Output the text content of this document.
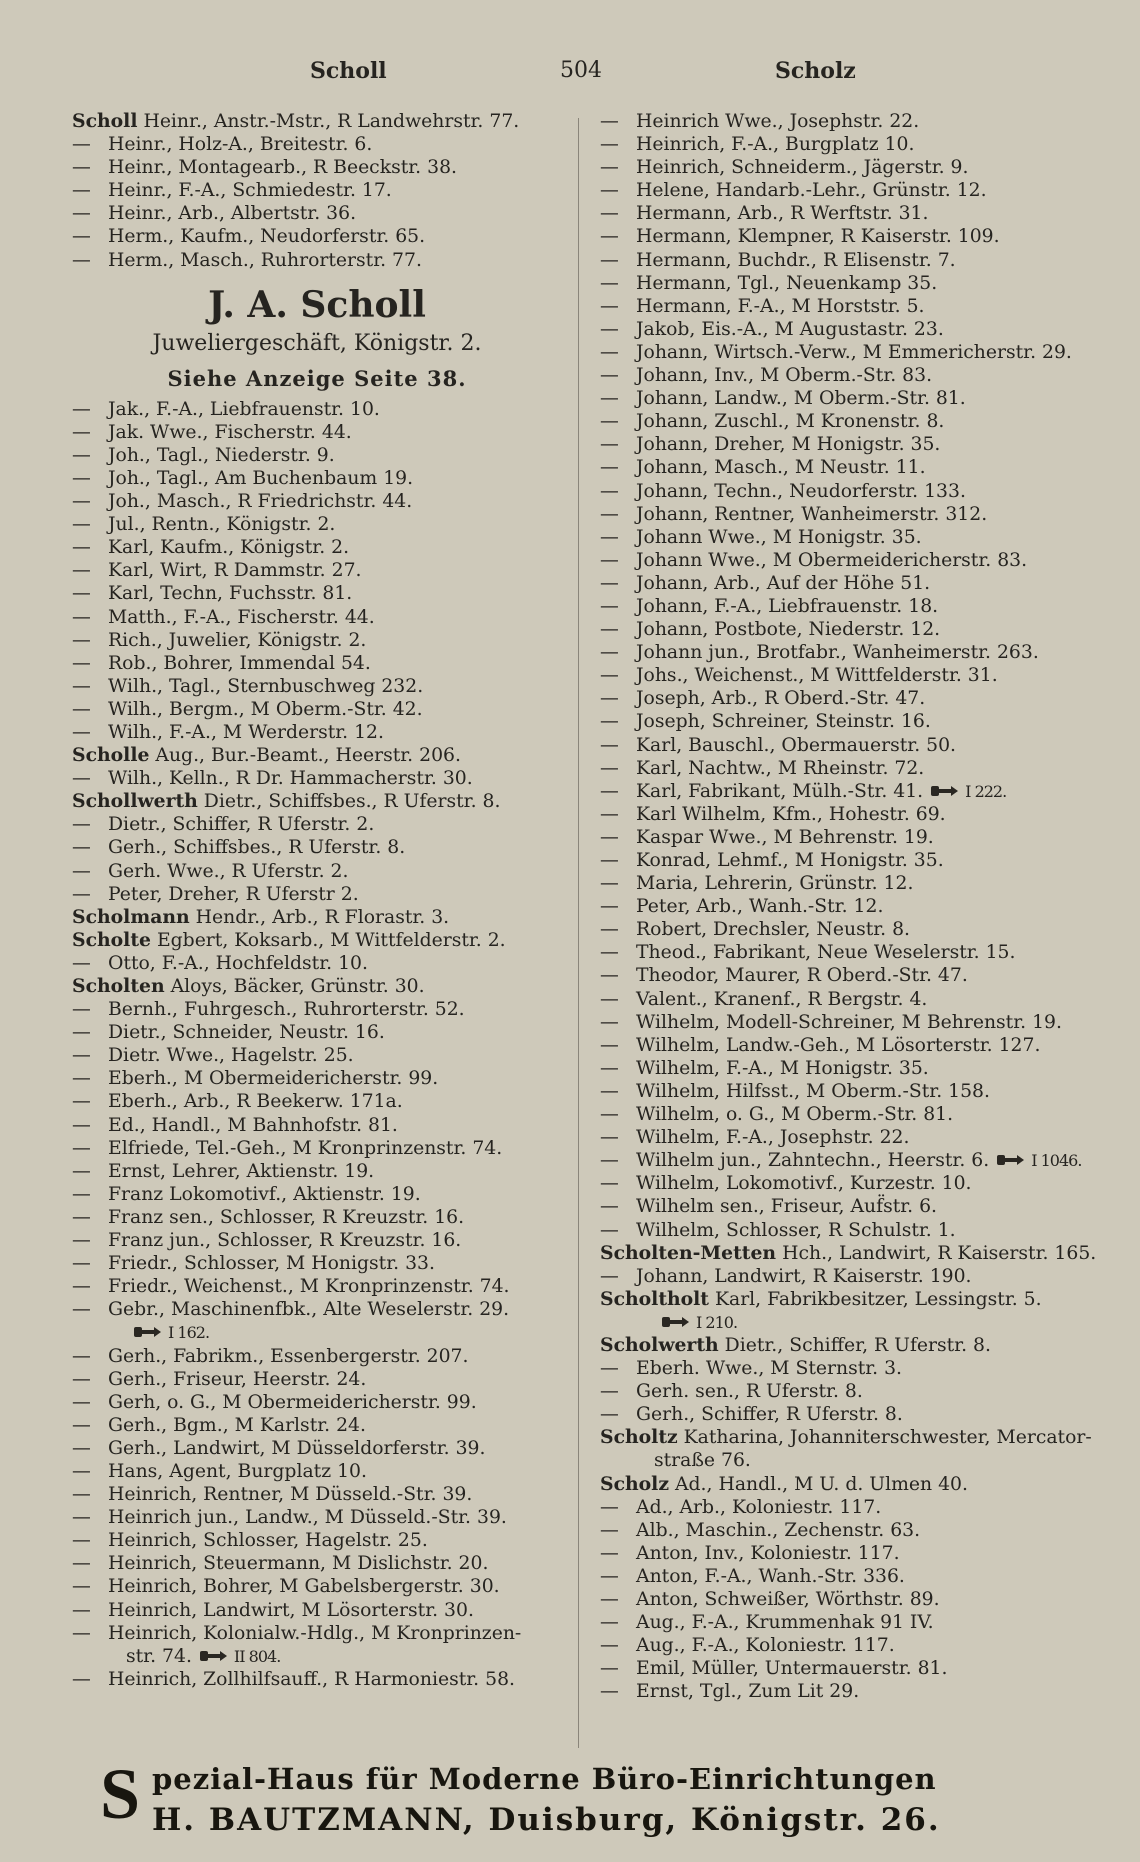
Scholl	504	Scholz
Scholl Heinr., Anstr.-Mstr., R Landwehrstr. 77.
— Heinr., Holz-A., Breitestr. 6.
— Heinr., Montagearb., R Beeckstr. 38.
— Heinr., F.-A., Schmiedestr. 17.
— Heinr., Arb., Albertstr. 36.
— Herm., Kaufm., Neudorferstr. 65.
— Herm., Masch., Ruhrorterstr. 77.
J. A. Scholl
Juweliergeschäft, Königstr. 2.
Siehe Anzeige Seite 38.
— Jak., F.-A., Liebfrauenstr. 10.
— Jak. Wwe., Fischerstr. 44.
— Joh., Tagl., Niederstr. 9.
— Joh., Tagl., Am Buchenbaum 19.
— Joh., Masch., R Friedrichstr. 44.
— Jul., Rentn., Königstr. 2.
— Karl, Kaufm., Königstr. 2.
— Karl, Wirt, R Dammstr. 27.
— Karl, Techn, Fuchsstr. 81.
— Matth., F.-A., Fischerstr. 44.
— Rich., Juwelier, Königstr. 2.
— Rob., Bohrer, Immendal 54.
— Wilh., Tagl., Sternbuschweg 232.
— Wilh., Bergm., M Oberm.-Str. 42.
— Wilh., F.-A., M Werderstr. 12.
Scholle Aug., Bur.-Beamt., Heerstr. 206.
— Wilh., Kelln., R Dr. Hammacherstr. 30.
Schollwerth Dietr., Schiffsbes., R Uferstr. 8.
— Dietr., Schiffer, R Uferstr. 2.
— Gerh., Schiffsbes., R Uferstr. 8.
— Gerh. Wwe., R Uferstr. 2.
— Peter, Dreher, R Uferstr 2.
Scholmann Hendr., Arb., R Florastr. 3.
Scholte Egbert, Koksarb., M Wittfelderstr. 2.
— Otto, F.-A., Hochfeldstr. 10.
Scholten Aloys, Bäcker, Grünstr. 30.
— Bernh., Fuhrgesch., Ruhrorterstr. 52.
— Dietr., Schneider, Neustr. 16.
— Dietr. Wwe., Hagelstr. 25.
— Eberh., M Obermeidericherstr. 99.
— Eberh., Arb., R Beekerw. 171a.
— Ed., Handl., M Bahnhofstr. 81.
— Elfriede, Tel.-Geh., M Kronprinzenstr. 74.
— Ernst, Lehrer, Aktienstr. 19.
— Franz Lokomotivf., Aktienstr. 19.
— Franz sen., Schlosser, R Kreuzstr. 16.
— Franz jun., Schlosser, R Kreuzstr. 16.
— Friedr., Schlosser, M Honigstr. 33.
— Friedr., Weichenst., M Kronprinzenstr. 74.
— Gebr., Maschinenfbk., Alte Weselerstr. 29.
I 162.
— Gerh., Fabrikm., Essenbergerstr. 207.
— Gerh., Friseur, Heerstr. 24.
— Gerh, o. G., M Obermeidericherstr. 99.
— Gerh., Bgm., M Karlstr. 24.
— Gerh., Landwirt, M Düsseldorferstr. 39.
— Hans, Agent, Burgplatz 10.
— Heinrich, Rentner, M Düsseld.-Str. 39.
— Heinrich jun., Landw., M Düsseld.-Str. 39.
— Heinrich, Schlosser, Hagelstr. 25.
— Heinrich, Steuermann, M Dislichstr. 20.
— Heinrich, Bohrer, M Gabelsbergerstr. 30.
— Heinrich, Landwirt, M Lösorterstr. 30.
— Heinrich, Kolonialw.-Hdlg., M Kronprinzen-
str. 74.	II 804.
— Heinrich, Zollhilfsauff., R Harmoniestr. 58.
— Heinrich Wwe., Josephstr. 22.
— Heinrich, F.-A., Burgplatz 10.
— Heinrich, Schneiderm., Jägerstr. 9.
— Helene, Handarb.-Lehr., Grünstr. 12.
— Hermann, Arb., R Werftstr. 31.
— Hermann, Klempner, R Kaiserstr. 109.
— Hermann, Buchdr., R Elisenstr. 7.
— Hermann, Tgl., Neuenkamp 35.
— Hermann, F.-A., M Horststr. 5.
— Jakob, Eis.-A., M Augustastr. 23.
— Johann, Wirtsch.-Verw., M Emmericherstr. 29.
— Johann, Inv., M Oberm.-Str. 83.
— Johann, Landw., M Oberm.-Str. 81.
— Johann, Zuschl., M Kronenstr. 8.
— Johann, Dreher, M Honigstr. 35.
— Johann, Masch., M Neustr. 11.
— Johann, Techn., Neudorferstr. 133.
— Johann, Rentner, Wanheimerstr. 312.
— Johann Wwe., M Honigstr. 35.
— Johann Wwe., M Obermeidericherstr. 83.
— Johann, Arb., Auf der Höhe 51.
— Johann, F.-A., Liebfrauenstr. 18.
— Johann, Postbote, Niederstr. 12.
— Johann jun., Brotfabr., Wanheimerstr. 263.
— Johs., Weichenst., M Wittfelderstr. 31.
— Joseph, Arb., R Oberd.-Str. 47.
— Joseph, Schreiner, Steinstr. 16.
— Karl, Bauschl., Obermauerstr. 50.
— Karl, Nachtw., M Rheinstr. 72.
— Karl, Fabrikant, Mülh.-Str. 41.	I 222.
— Karl Wilhelm, Kfm., Hohestr. 69.
— Kaspar Wwe., M Behrenstr. 19.
— Konrad, Lehmf., M Honigstr. 35.
— Maria, Lehrerin, Grünstr. 12.
— Peter, Arb., Wanh.-Str. 12.
— Robert, Drechsler, Neustr. 8.
— Theod., Fabrikant, Neue Weselerstr. 15.
— Theodor, Maurer, R Oberd.-Str. 47.
— Valent., Kranenf., R Bergstr. 4.
— Wilhelm, Modell-Schreiner, M Behrenstr. 19.
— Wilhelm, Landw.-Geh., M Lösorterstr. 127.
— Wilhelm, F.-A., M Honigstr. 35.
— Wilhelm, Hilfsst., M Oberm.-Str. 158.
— Wilhelm, o. G., M Oberm.-Str. 81.
— Wilhelm, F.-A., Josephstr. 22.
— Wilhelm jun., Zahntechn., Heerstr. 6.	I 1046.
— Wilhelm, Lokomotivf., Kurzestr. 10.
— Wilhelm sen., Friseur, Auf̈str. 6.
— Wilhelm, Schlosser, R Schulstr. 1.
Scholten-Metten Hch., Landwirt, R Kaiserstr. 165.
— Johann, Landwirt, R Kaiserstr. 190.
Scholtholt Karl, Fabrikbesitzer, Lessingstr. 5.
I 210.
Scholwerth Dietr., Schiffer, R Uferstr. 8.
— Eberh. Wwe., M Sternstr. 3.
— Gerh. sen., R Uferstr. 8.
— Gerh., Schiffer, R Uferstr. 8.
Scholtz Katharina, Johanniterschwester, Mercator-
straße 76.
Scholz Ad., Handl., M U. d. Ulmen 40.
— Ad., Arb., Koloniestr. 117.
— Alb., Maschin., Zechenstr. 63.
— Anton, Inv., Koloniestr. 117.
— Anton, F.-A., Wanh.-Str. 336.
— Anton, Schweißer, Wörthstr. 89.
— Aug., F.-A., Krummenhak 91 IV.
— Aug., F.-A., Koloniestr. 117.
— Emil, Müller, Untermauerstr. 81.
— Ernst, Tgl., Zum Lit 29.
S pezial-Haus für Moderne Büro-Einrichtungen
H. BAUTZMANN, Duisburg, Königstr. 26.
